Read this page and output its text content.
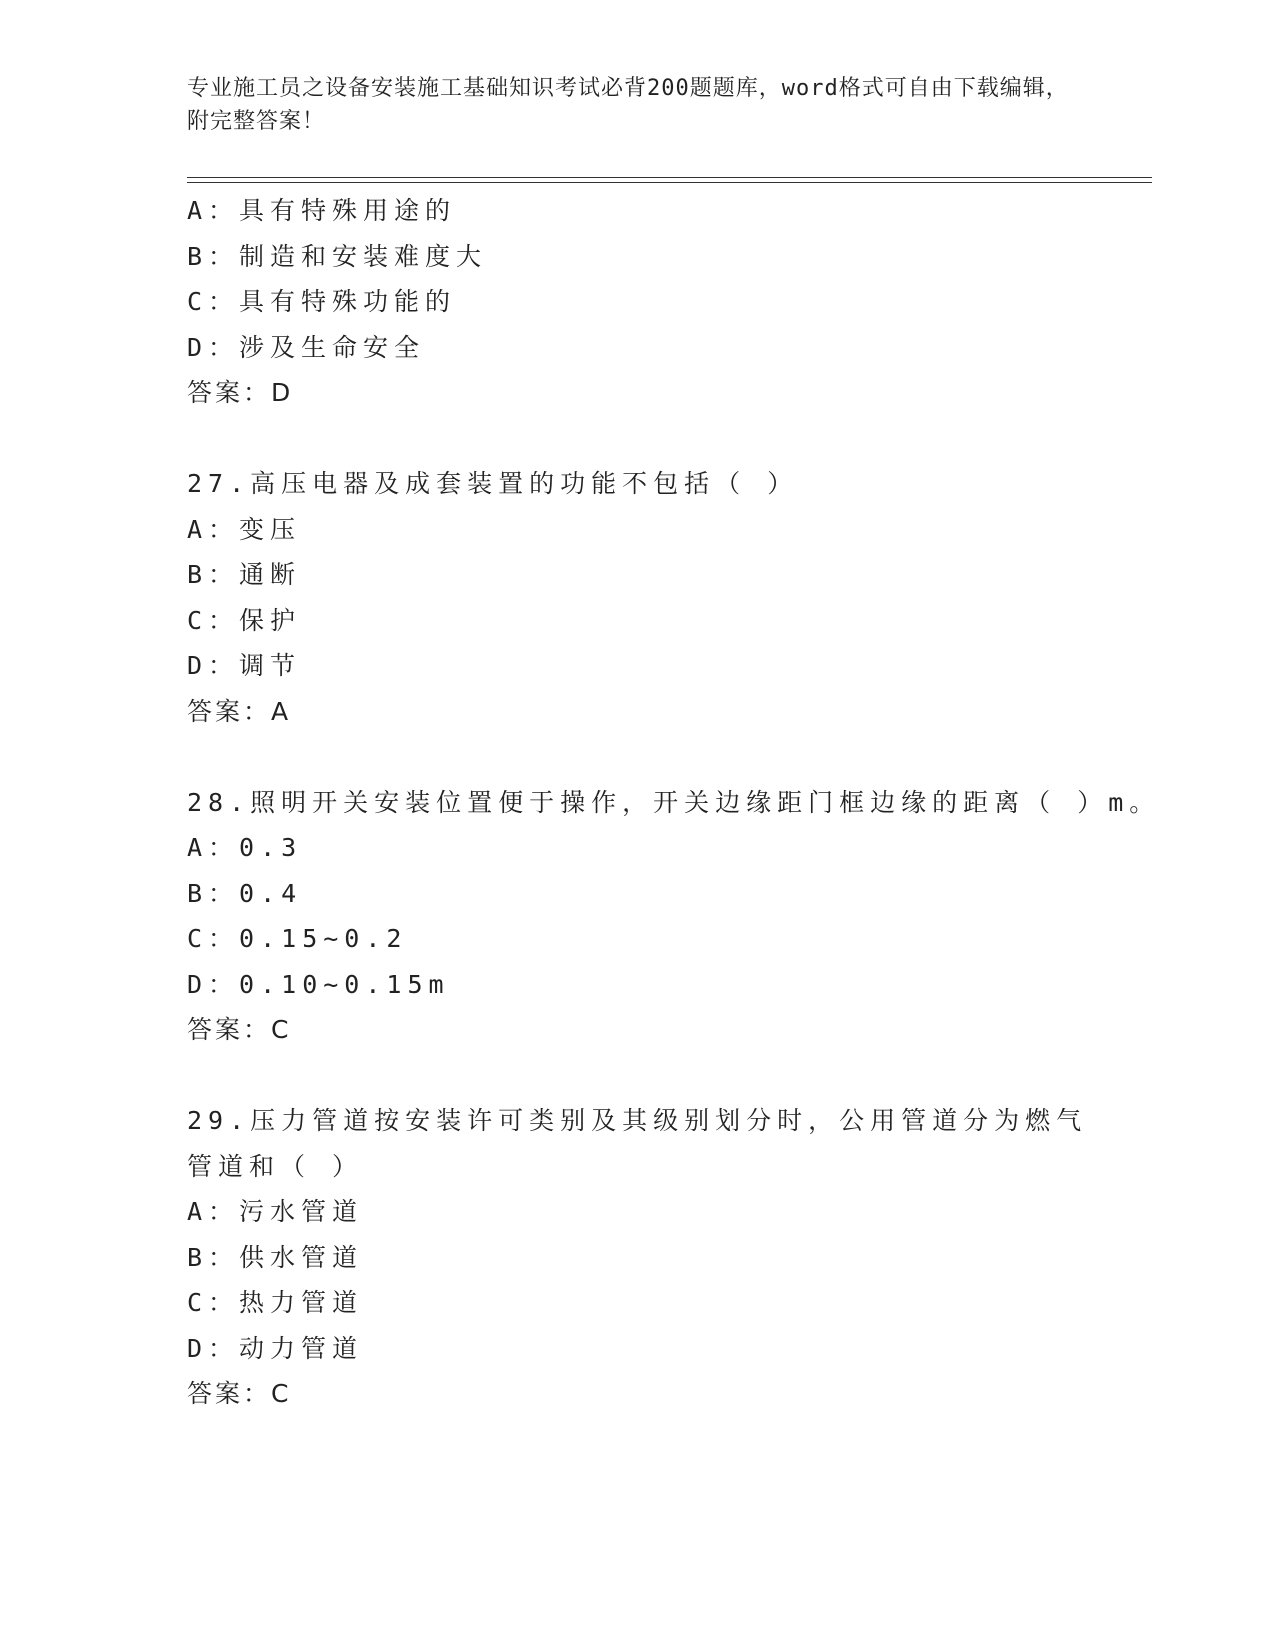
专业施工员之设备安装施工基础知识考试必背200题题库，word格式可自由下载编辑，附完整答案！
A：具有特殊用途的
B：制造和安装难度大
C：具有特殊功能的
D：涉及生命安全
答案：D
27.高压电器及成套装置的功能不包括（ ）
A：变压
B：通断
C：保护
D：调节
答案：A
28.照明开关安装位置便于操作，开关边缘距门框边缘的距离（ ）m。
A：0.3
B：0.4
C：0.15~0.2
D：0.10~0.15m
答案：C
29.压力管道按安装许可类别及其级别划分时，公用管道分为燃气管道和（ ）
A：污水管道
B：供水管道
C：热力管道
D：动力管道
答案：C
